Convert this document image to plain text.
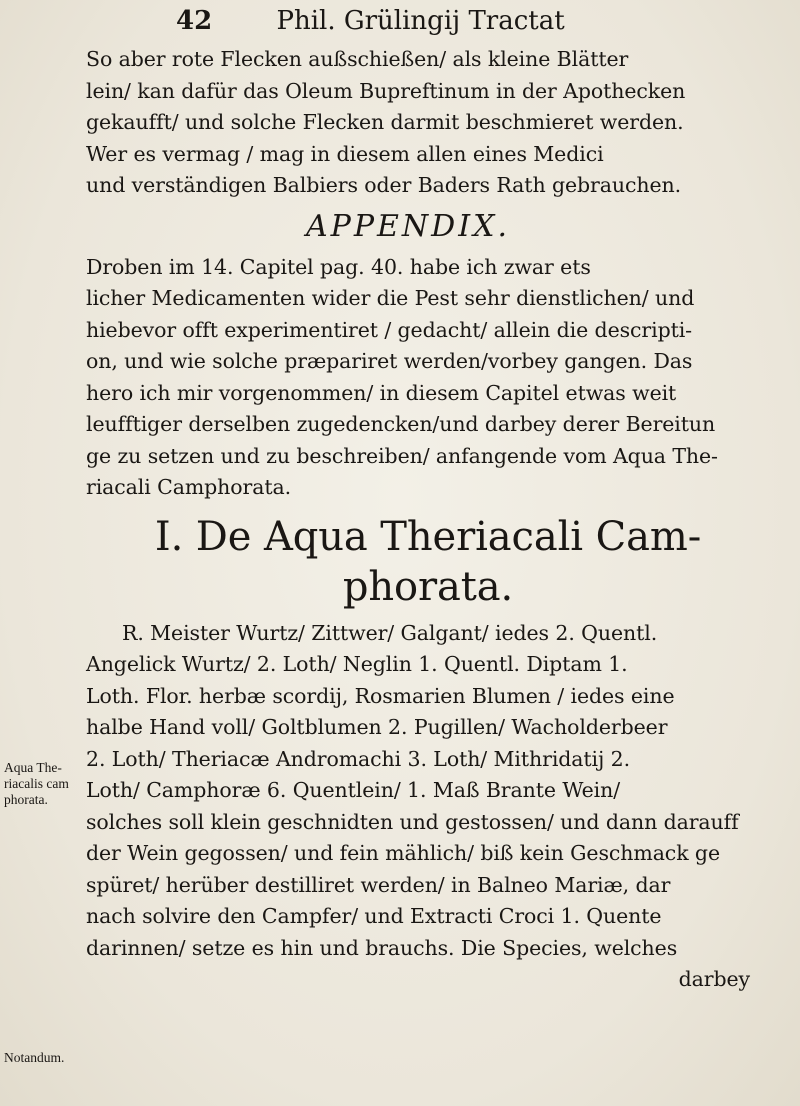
42 Phil. Grülingij Tractat
So aber rote Flecken außschießen/ als kleine Blätter
lein/ kan dafür das Oleum Bupreftinum in der Apothecken
gekaufft/ und solche Flecken darmit beschmieret werden.
Wer es vermag / mag in diesem allen eines Medici
und verständigen Balbiers oder Baders Rath gebrauchen.
APPENDIX.
Droben im 14. Capitel pag. 40. habe ich zwar ets
licher Medicamenten wider die Pest sehr dienstlichen/ und
hiebevor offt experimentiret / gedacht/ allein die descripti-
on, und wie solche præpariret werden/vorbey gangen. Das
hero ich mir vorgenommen/ in diesem Capitel etwas weit
leufftiger derselben zugedencken/und darbey derer Bereitun
ge zu setzen und zu beschreiben/ anfangende vom Aqua The-
riacali Camphorata.
I. De Aqua Theriacali Cam-
phorata.
R. Meister Wurtz/ Zittwer/ Galgant/ iedes 2. Quentl.
Angelick Wurtz/ 2. Loth/ Neglin 1. Quentl. Diptam 1.
Loth. Flor. herbæ scordij, Rosmarien Blumen / iedes eine
halbe Hand voll/ Goltblumen 2. Pugillen/ Wacholderbeer
2. Loth/ Theriacæ Andromachi 3. Loth/ Mithridatij 2.
Loth/ Camphoræ 6. Quentlein/ 1. Maß Brante Wein/
solches soll klein geschnidten und gestossen/ und dann darauff
der Wein gegossen/ und fein mählich/ biß kein Geschmack ge
spüret/ herüber destilliret werden/ in Balneo Mariæ, dar
nach solvire den Campfer/ und Extracti Croci 1. Quente
darinnen/ setze es hin und brauchs. Die Species, welches
darbey
Aqua The-
riacalis cam
phorata.
Notandum.
